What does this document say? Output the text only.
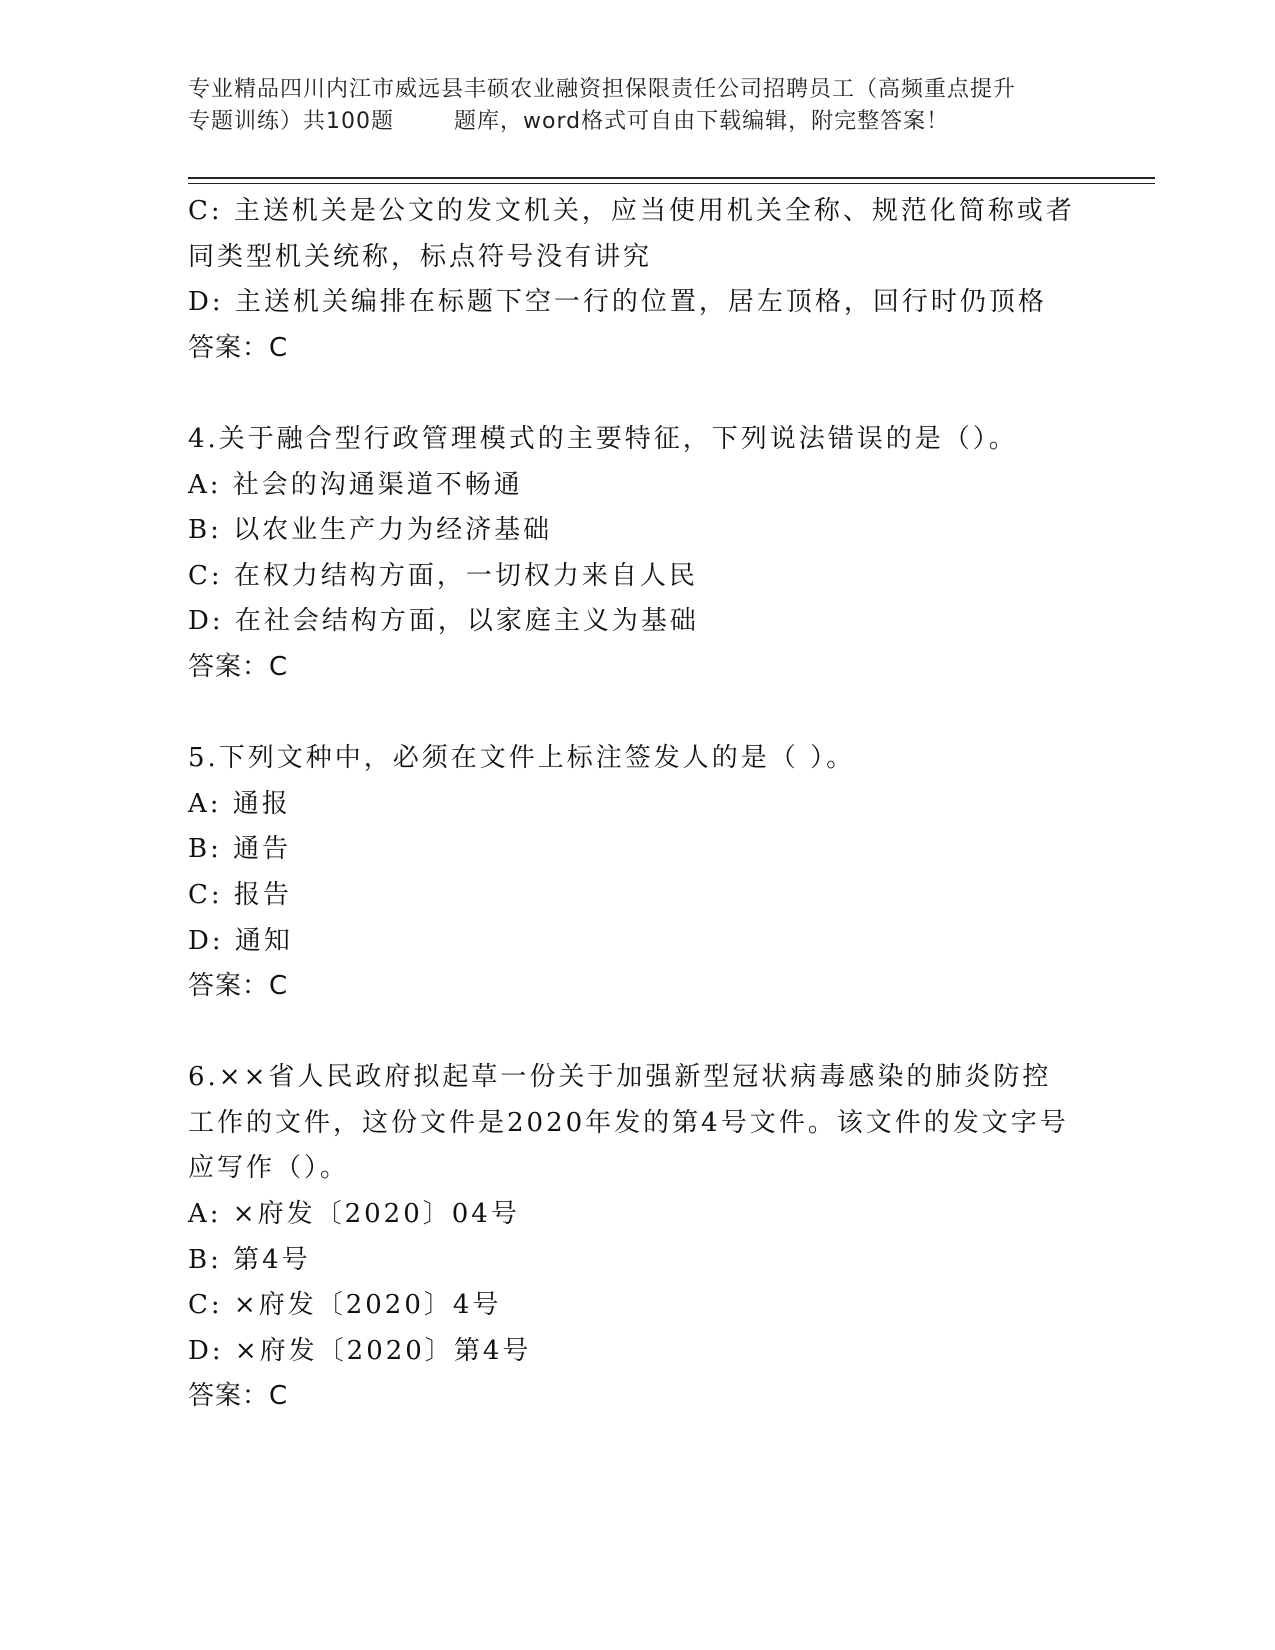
专业精品四川内江市威远县丰硕农业融资担保限责任公司招聘员工（高频重点提升
专题训练）共100题	题库，word格式可自由下载编辑，附完整答案！
C: 主送机关是公文的发文机关，应当使用机关全称、规范化简称或者
同类型机关统称，标点符号没有讲究
D: 主送机关编排在标题下空一行的位置，居左顶格，回行时仍顶格
答案：C
4.关于融合型行政管理模式的主要特征，下列说法错误的是（）。
A: 社会的沟通渠道不畅通
B: 以农业生产力为经济基础
C: 在权力结构方面，一切权力来自人民
D: 在社会结构方面，以家庭主义为基础
答案：C
5.下列文种中，必须在文件上标注签发人的是（ ）。
A: 通报
B: 通告
C: 报告
D: 通知
答案：C
6.××省人民政府拟起草一份关于加强新型冠状病毒感染的肺炎防控
工作的文件，这份文件是2020年发的第4号文件。该文件的发文字号
应写作（）。
A: ×府发〔2020〕04号
B: 第4号
C: ×府发〔2020〕4号
D: ×府发〔2020〕第4号
答案：C
